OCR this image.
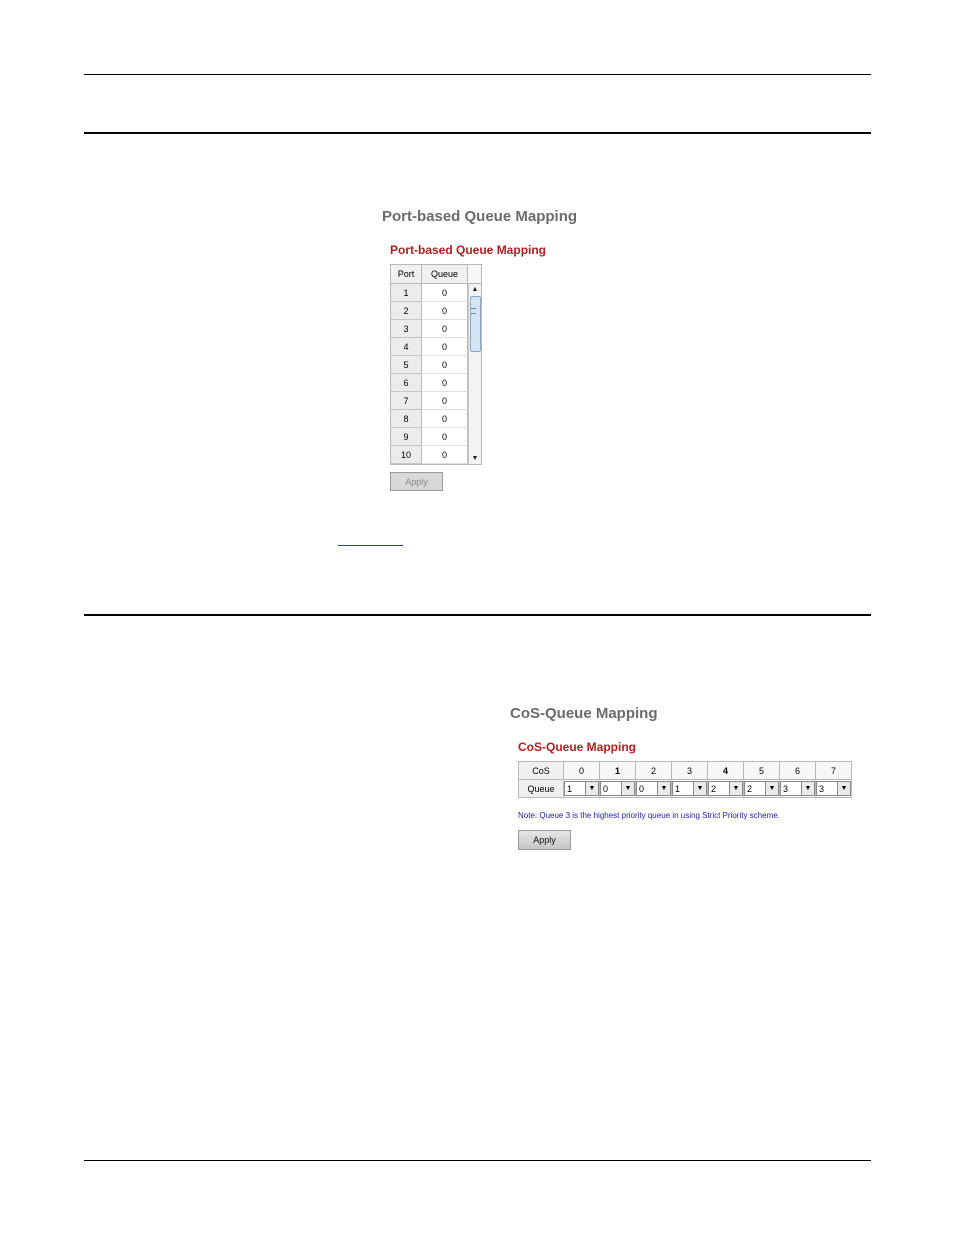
Port-based Queue Mapping
Port-based Queue Mapping
Port	Queue
1	0
2	0
3	0
4	0
5	0
6	0
7	0
8	0
9	0
10	0
▲
▼
Apply
CoS-Queue Mapping
CoS-Queue Mapping
CoS	0	1	2	3	4	5	6	7
Queue	1 ▼	0 ▼	0 ▼	1 ▼	2 ▼	2 ▼	3 ▼	3 ▼
Note: Queue 3 is the highest priority queue in using Strict Priority scheme.
Apply
